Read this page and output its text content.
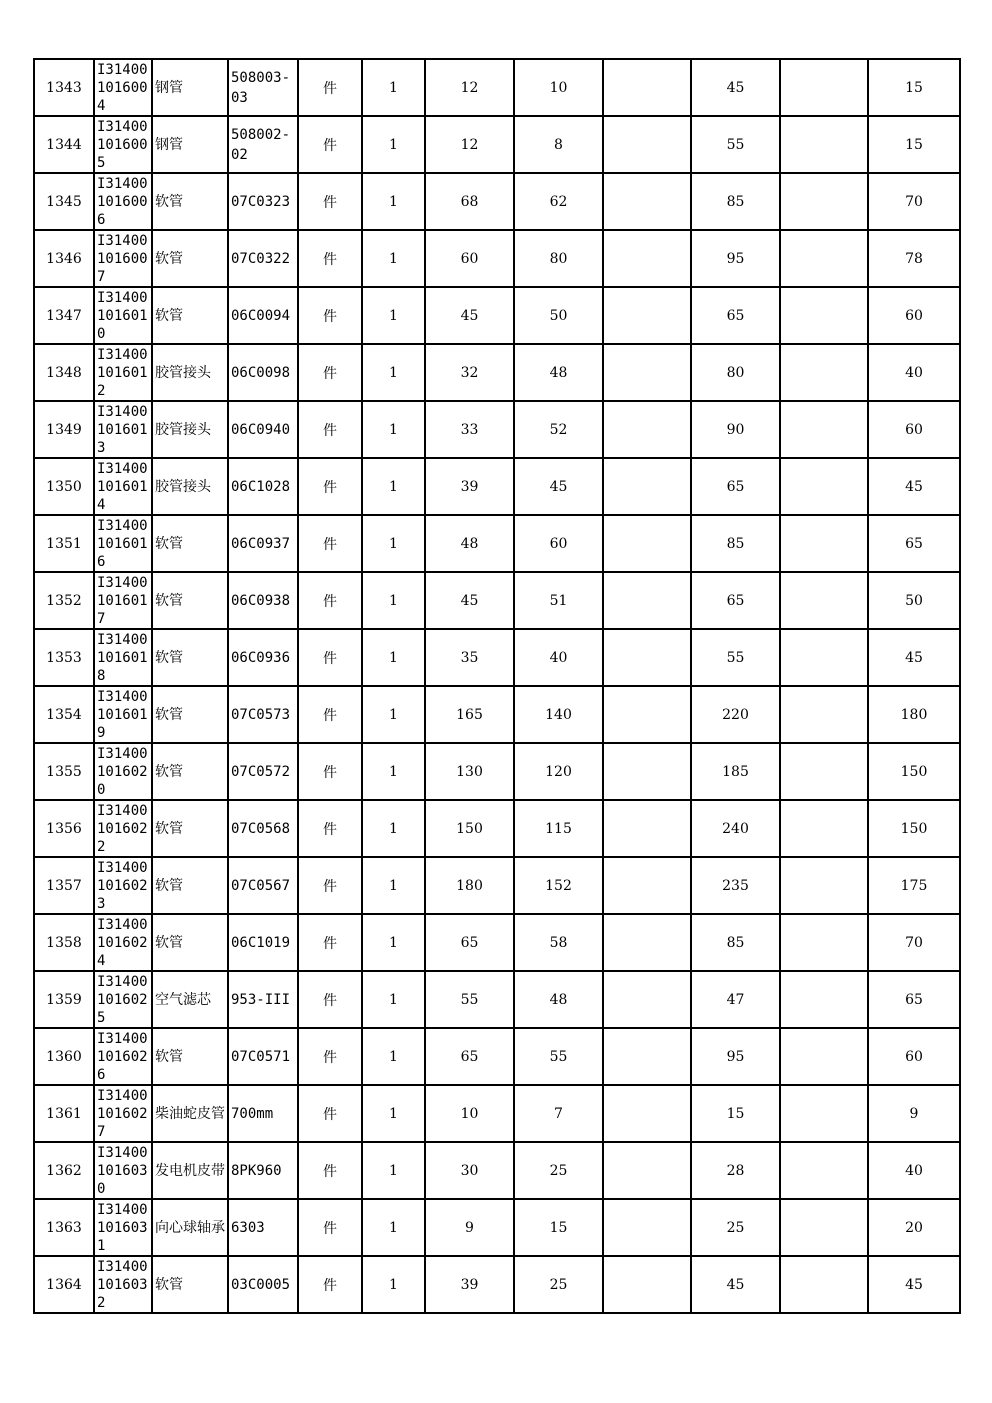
1343	I314001016004	钢管	508003-03	件	1	12	10		45		15
1344	I314001016005	钢管	508002-02	件	1	12	8		55		15
1345	I314001016006	软管	07C0323	件	1	68	62		85		70
1346	I314001016007	软管	07C0322	件	1	60	80		95		78
1347	I314001016010	软管	06C0094	件	1	45	50		65		60
1348	I314001016012	胶管接头	06C0098	件	1	32	48		80		40
1349	I314001016013	胶管接头	06C0940	件	1	33	52		90		60
1350	I314001016014	胶管接头	06C1028	件	1	39	45		65		45
1351	I314001016016	软管	06C0937	件	1	48	60		85		65
1352	I314001016017	软管	06C0938	件	1	45	51		65		50
1353	I314001016018	软管	06C0936	件	1	35	40		55		45
1354	I314001016019	软管	07C0573	件	1	165	140		220		180
1355	I314001016020	软管	07C0572	件	1	130	120		185		150
1356	I314001016022	软管	07C0568	件	1	150	115		240		150
1357	I314001016023	软管	07C0567	件	1	180	152		235		175
1358	I314001016024	软管	06C1019	件	1	65	58		85		70
1359	I314001016025	空气滤芯	953-III	件	1	55	48		47		65
1360	I314001016026	软管	07C0571	件	1	65	55		95		60
1361	I314001016027	柴油蛇皮管	700mm	件	1	10	7		15		9
1362	I314001016030	发电机皮带	8PK960	件	1	30	25		28		40
1363	I314001016031	向心球轴承	6303	件	1	9	15		25		20
1364	I314001016032	软管	03C0005	件	1	39	25		45		45
